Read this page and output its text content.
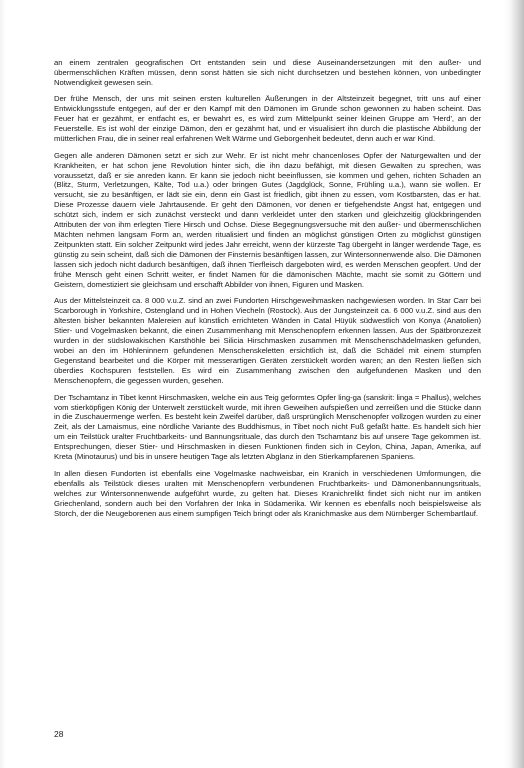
an einem zentralen geografischen Ort entstanden sein und diese Auseinandersetzungen mit den außer- und übermenschlichen Kräften müssen, denn sonst hätten sie sich nicht durchsetzen und bestehen können, von unbedingter Notwendigkeit gewesen sein.

Der frühe Mensch, der uns mit seinen ersten kulturellen Äußerungen in der Altsteinzeit begegnet, tritt uns auf einer Entwicklungsstufe entgegen, auf der er den Kampf mit den Dämonen im Grunde schon gewonnen zu haben scheint. Das Feuer hat er gezähmt, er entfacht es, er bewahrt es, es wird zum Mittelpunkt seiner kleinen Gruppe am 'Herd', an der Feuerstelle. Es ist wohl der einzige Dämon, den er gezähmt hat, und er visualisiert ihn durch die plastische Abbildung der mütterlichen Frau, die in seiner real erfahrenen Welt Wärme und Geborgenheit bedeutet, denn auch er war Kind.

Gegen alle anderen Dämonen setzt er sich zur Wehr. Er ist nicht mehr chancenloses Opfer der Naturgewalten und der Krankheiten, er hat schon jene Revolution hinter sich, die ihn dazu befähigt, mit diesen Gewalten zu sprechen, was voraussetzt, daß er sie anreden kann. Er kann sie jedoch nicht beeinflussen, sie kommen und gehen, richten Schaden an (Blitz, Sturm, Verletzungen, Kälte, Tod u.a.) oder bringen Gutes (Jagdglück, Sonne, Frühling u.a.), wann sie wollen. Er versucht, sie zu besänftigen, er lädt sie ein, denn ein Gast ist friedlich, gibt ihnen zu essen, vom Kostbarsten, das er hat. Diese Prozesse dauern viele Jahrtausende. Er geht den Dämonen, vor denen er tiefgehendste Angst hat, entgegen und schützt sich, indem er sich zunächst versteckt und dann verkleidet unter den starken und gleichzeitig glückbringenden Attributen der von ihm erlegten Tiere Hirsch und Ochse. Diese Begegnungsversuche mit den außer- und übermenschlichen Mächten nehmen langsam Form an, werden ritualisiert und finden an möglichst günstigen Orten zu möglichst günstigen Zeitpunkten statt. Ein solcher Zeitpunkt wird jedes Jahr erreicht, wenn der kürzeste Tag übergeht in länger werdende Tage, es günstig zu sein scheint, daß sich die Dämonen der Finsternis besänftigen lassen, zur Wintersonnenwende also. Die Dämonen lassen sich jedoch nicht dadurch besänftigen, daß ihnen Tierfleisch dargeboten wird, es werden Menschen geopfert. Und der frühe Mensch geht einen Schritt weiter, er findet Namen für die dämonischen Mächte, macht sie somit zu Göttern und Geistern, domestiziert sie gleichsam und erschafft Abbilder von ihnen, Figuren und Masken.

Aus der Mittelsteinzeit ca. 8 000 v.u.Z. sind an zwei Fundorten Hirschgeweihmasken nachgewiesen worden. In Star Carr bei Scarborough in Yorkshire, Ostengland und in Hohen Viecheln (Rostock). Aus der Jungsteinzeit ca. 6 000 v.u.Z. sind aus den ältesten bisher bekannten Malereien auf künstlich errichteten Wänden in Catal Hüyük südwestlich von Konya (Anatolien) Stier- und Vogelmasken bekannt, die einen Zusammenhang mit Menschenopfern erkennen lassen. Aus der Spätbronzezeit wurden in der südslowakischen Karsthöhle bei Silicia Hirschmasken zusammen mit Menschenschädelmasken gefunden, wobei an den im Höhleninnern gefundenen Menschenskeletten ersichtlich ist, daß die Schädel mit einem stumpfen Gegenstand bearbeitet und die Körper mit messerartigen Geräten zerstückelt worden waren; an den Resten ließen sich überdies Kochspuren feststellen. Es wird ein Zusammenhang zwischen den aufgefundenen Masken und den Menschenopfern, die gegessen wurden, gesehen.

Der Tschamtanz in Tibet kennt Hirschmasken, welche ein aus Teig geformtes Opfer ling-ga (sanskrit: linga = Phallus), welches vom stierköpfigen König der Unterwelt zerstückelt wurde, mit ihren Geweihen aufspießen und zerreißen und die Stücke dann in die Zuschauermenge werfen. Es besteht kein Zweifel darüber, daß ursprünglich Menschenopfer vollzogen wurden zu einer Zeit, als der Lamaismus, eine nördliche Variante des Buddhismus, in Tibet noch nicht Fuß gefaßt hatte. Es handelt sich hier um ein Teilstück uralter Fruchtbarkeits- und Bannungsrituale, das durch den Tschamtanz bis auf unsere Tage gekommen ist. Entsprechungen, dieser Stier- und Hirschmasken in diesen Funktionen finden sich in Ceylon, China, Japan, Amerika, auf Kreta (Minotaurus) und bis in unsere heutigen Tage als letzten Abglanz in den Stierkampfarenen Spaniens.

In allen diesen Fundorten ist ebenfalls eine Vogelmaske nachweisbar, ein Kranich in verschiedenen Umformungen, die ebenfalls als Teilstück dieses uralten mit Menschenopfern verbundenen Fruchtbarkeits- und Dämonenbannungsrituals, welches zur Wintersonnenwende aufgeführt wurde, zu gelten hat. Dieses Kranichrelikt findet sich nicht nur im antiken Griechenland, sondern auch bei den Vorfahren der Inka in Südamerika. Wir kennen es ebenfalls noch beispielsweise als Storch, der die Neugeborenen aus einem sumpfigen Teich bringt oder als Kranichmaske aus dem Nürnberger Schembartlauf.

28
